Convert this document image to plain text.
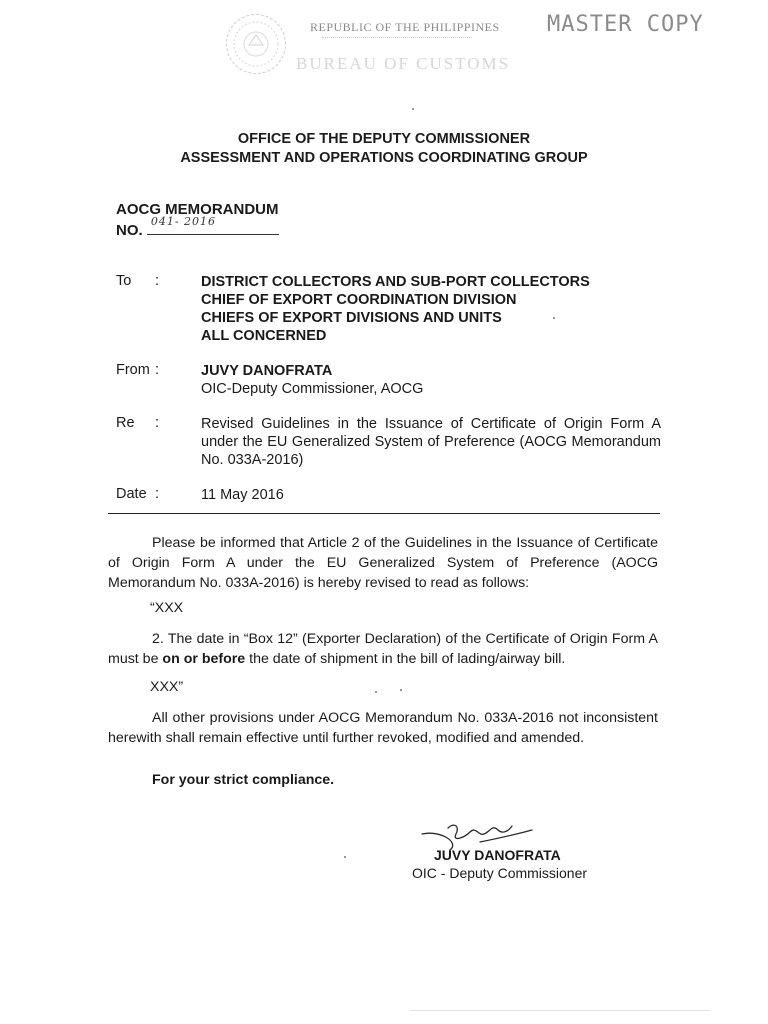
REPUBLIC OF THE PHILIPPINES
BUREAU OF CUSTOMS
MASTER COPY

OFFICE OF THE DEPUTY COMMISSIONER
ASSESSMENT AND OPERATIONS COORDINATING GROUP
AOCG MEMORANDUM
NO.
041- 2016
To :	DISTRICT COLLECTORS AND SUB-PORT COLLECTORS
CHIEF OF EXPORT COORDINATION DIVISION
CHIEFS OF EXPORT DIVISIONS AND UNITS
ALL CONCERNED
From :	JUVY DANOFRATA
OIC-Deputy Commissioner, AOCG
Re :	Revised Guidelines in the Issuance of Certificate of Origin Form A under the EU Generalized System of Preference (AOCG Memorandum No. 033A-2016)
Date :	11 May 2016
Please be informed that Article 2 of the Guidelines in the Issuance of Certificate of Origin Form A under the EU Generalized System of Preference (AOCG Memorandum No. 033A-2016) is hereby revised to read as follows:
“XXX
2. The date in “Box 12” (Exporter Declaration) of the Certificate of Origin Form A must be on or before the date of shipment in the bill of lading/airway bill.
XXX”
All other provisions under AOCG Memorandum No. 033A-2016 not inconsistent herewith shall remain effective until further revoked, modified and amended.
For your strict compliance.
JUVY DANOFRATA
OIC - Deputy Commissioner
